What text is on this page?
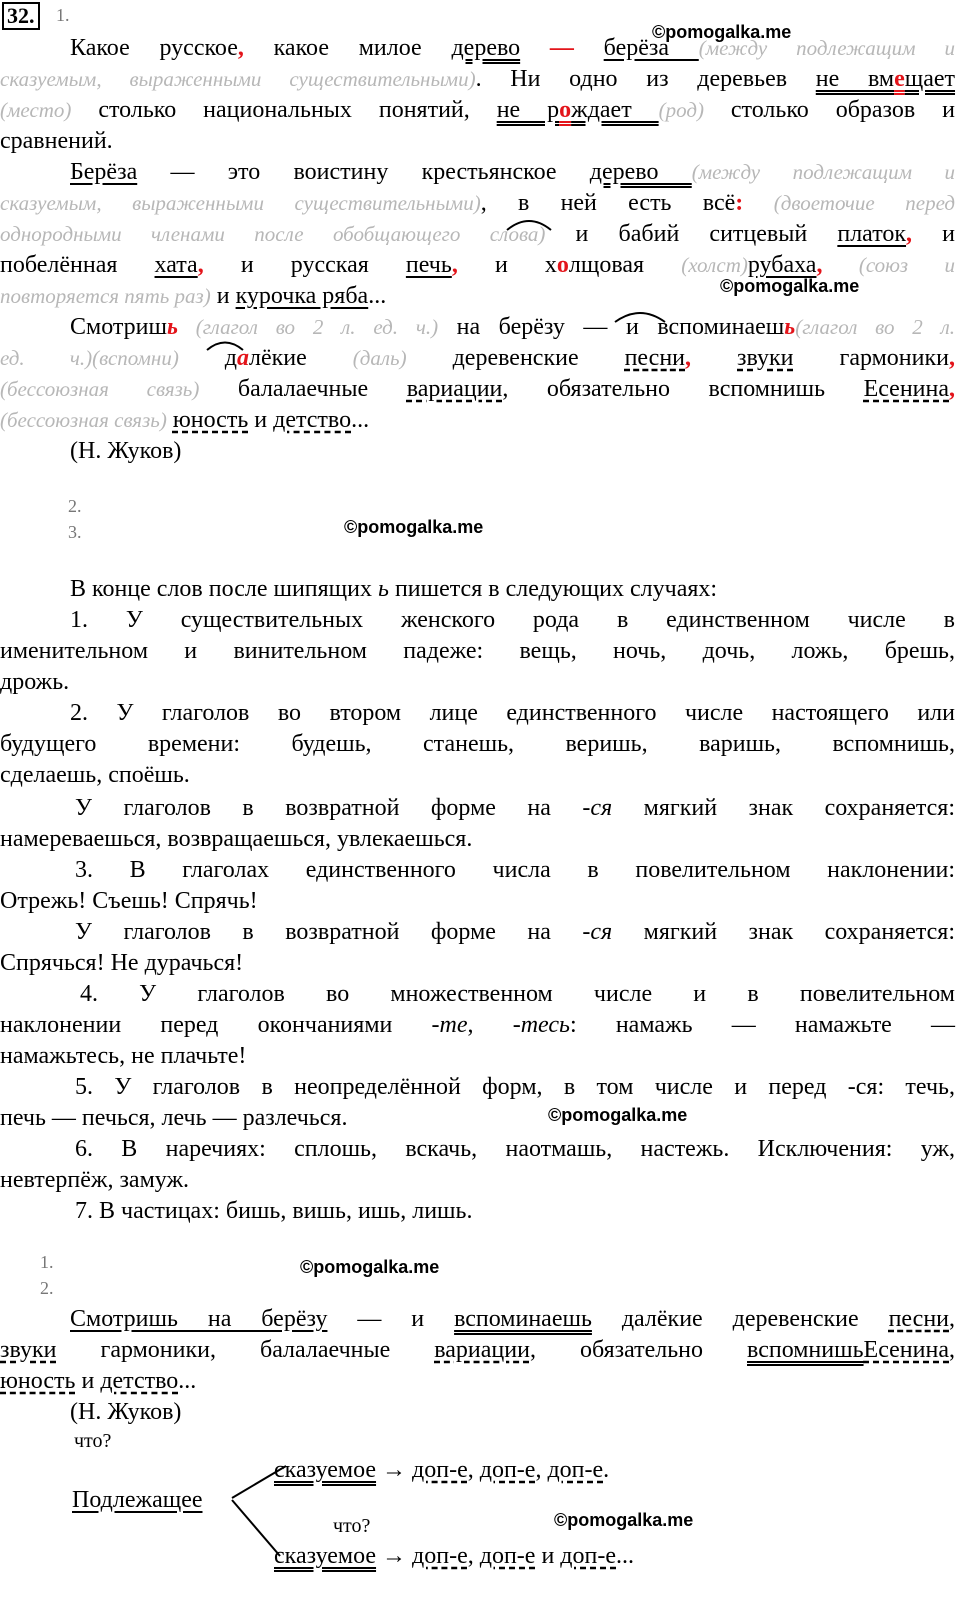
32. 1.
©pomogalka.me
Какое русское, какое милое дерево — берёза (между подлежащим и
сказуемым, выраженными существительными). Ни одно из деревьев не вмещает
(место) столько национальных понятий, не рождает (род) столько образов и
сравнений.
Берёза — это воистину крестьянское дерево (между подлежащим и
сказуемым, выраженными существительными), в ней есть всё: (двоеточие перед
однородными членами после обобщающего слова) и бабий ситцевый платок, и
побелённая хата, и русская печь, и холщовая (холст)рубаха, (союз и
повторяется пять раз) и курочка ряба...	©pomogalka.me
Смотришь (глагол во 2 л. ед. ч.) на берёзу — и вспоминаешь(глагол во 2 л.
ед. ч.)(вспомни) далёкие (даль) деревенские песни, звуки гармоники,
(бессоюзная связь) балалаечные вариации, обязательно вспомнишь Есенина,
(бессоюзная связь) юность и детство...
(Н. Жуков)
2.
3.	©pomogalka.me
В конце слов после шипящих ь пишется в следующих случаях:
1. У существительных женского рода в единственном числе в
именительном и винительном падеже: вещь, ночь, дочь, ложь, брешь,
дрожь.
2. У глаголов во втором лице единственного числе настоящего или
будущего времени: будешь, станешь, веришь, варишь, вспомнишь,
сделаешь, споёшь.
У глаголов в возвратной форме на -ся мягкий знак сохраняется:
намереваешься, возвращаешься, увлекаешься.
3. В глаголах единственного числа в повелительном наклонении:
Отрежь! Съешь! Спрячь!
У глаголов в возвратной форме на -ся мягкий знак сохраняется:
Спрячься! Не дурачься!
4. У глаголов во множественном числе и в повелительном
наклонении перед окончаниями -те, -тесь: намажь — намажьте —
намажьтесь, не плачьте!
5. У глаголов в неопределённой форм, в том числе и перед -ся: течь,
печь — печься, лечь — разлечься.	©pomogalka.me
6. В наречиях: сплошь, вскачь, наотмашь, настежь. Исключения: уж,
невтерпёж, замуж.
7. В частицах: бишь, вишь, ишь, лишь.
1.
2.
©pomogalka.me
Смотришь на берёзу — и вспоминаешь далёкие деревенские песни,
звуки гармоники, балалаечные вариации, обязательно вспомнишьЕсенина,
юность и детство...
(Н. Жуков)
что?
сказуемое → доп-е, доп-е, доп-е.
Подлежащее
©pomogalka.me
что?
сказуемое → доп-е, доп-е и доп-е...
